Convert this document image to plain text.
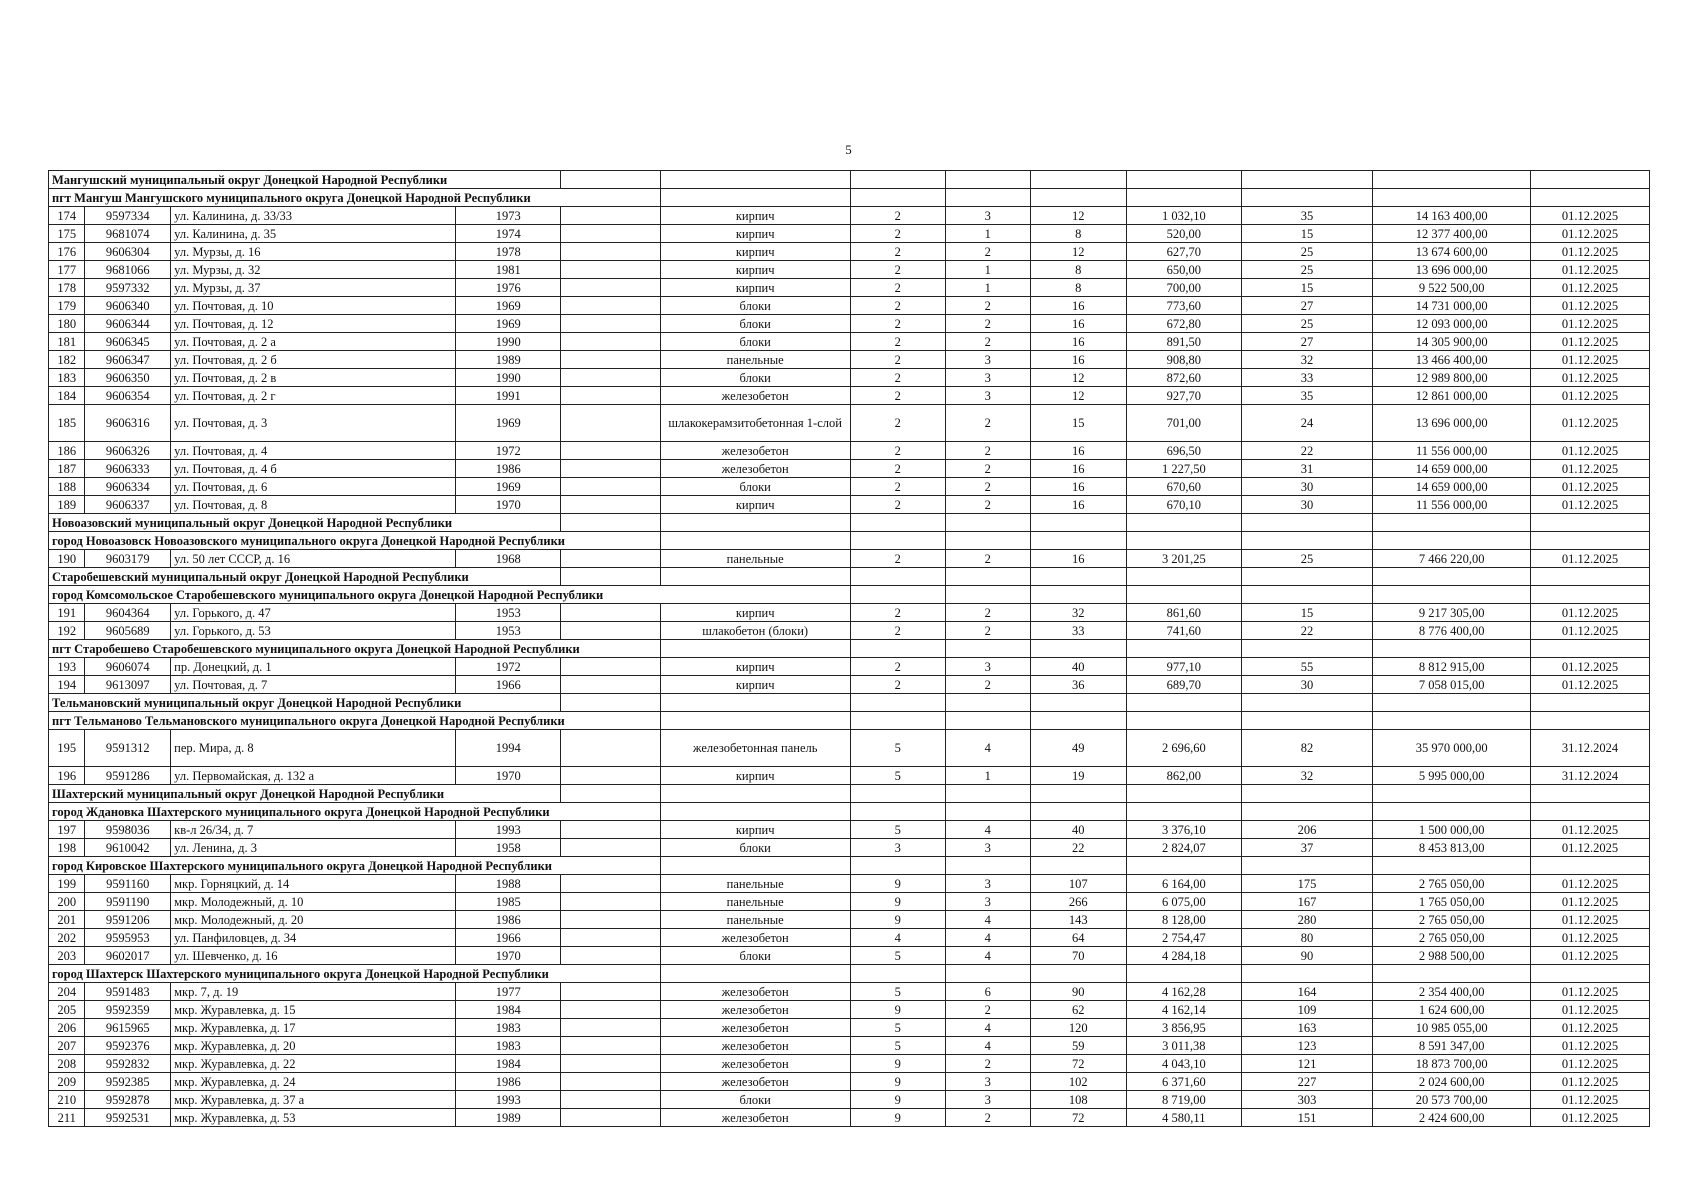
5
Мангушский муниципальный округ Донецкой Народной Республики												
пгт Мангуш Мангушского муниципального округа Донецкой Народной Республики												
174	9597334	ул. Калинина, д. 33/33	1973		кирпич	2	3	12	1 032,10	35	14 163 400,00	01.12.2025
175	9681074	ул. Калинина, д. 35	1974		кирпич	2	1	8	520,00	15	12 377 400,00	01.12.2025
176	9606304	ул. Мурзы, д. 16	1978		кирпич	2	2	12	627,70	25	13 674 600,00	01.12.2025
177	9681066	ул. Мурзы, д. 32	1981		кирпич	2	1	8	650,00	25	13 696 000,00	01.12.2025
178	9597332	ул. Мурзы, д. 37	1976		кирпич	2	1	8	700,00	15	9 522 500,00	01.12.2025
179	9606340	ул. Почтовая, д. 10	1969		блоки	2	2	16	773,60	27	14 731 000,00	01.12.2025
180	9606344	ул. Почтовая, д. 12	1969		блоки	2	2	16	672,80	25	12 093 000,00	01.12.2025
181	9606345	ул. Почтовая, д. 2 а	1990		блоки	2	2	16	891,50	27	14 305 900,00	01.12.2025
182	9606347	ул. Почтовая, д. 2 б	1989		панельные	2	3	16	908,80	32	13 466 400,00	01.12.2025
183	9606350	ул. Почтовая, д. 2 в	1990		блоки	2	3	12	872,60	33	12 989 800,00	01.12.2025
184	9606354	ул. Почтовая, д. 2 г	1991		железобетон	2	3	12	927,70	35	12 861 000,00	01.12.2025
185	9606316	ул. Почтовая, д. 3	1969		шлакокерамзитобетонная 1-слой	2	2	15	701,00	24	13 696 000,00	01.12.2025
186	9606326	ул. Почтовая, д. 4	1972		железобетон	2	2	16	696,50	22	11 556 000,00	01.12.2025
187	9606333	ул. Почтовая, д. 4 б	1986		железобетон	2	2	16	1 227,50	31	14 659 000,00	01.12.2025
188	9606334	ул. Почтовая, д. 6	1969		блоки	2	2	16	670,60	30	14 659 000,00	01.12.2025
189	9606337	ул. Почтовая, д. 8	1970		кирпич	2	2	16	670,10	30	11 556 000,00	01.12.2025
Новоазовский муниципальный округ Донецкой Народной Республики												
город Новоазовск Новоазовского муниципального округа Донецкой Народной Республики												
190	9603179	ул. 50 лет СССР, д. 16	1968		панельные	2	2	16	3 201,25	25	7 466 220,00	01.12.2025
Старобешевский муниципальный округ Донецкой Народной Республики												
город Комсомольское Старобешевского муниципального округа Донецкой Народной Республики												
191	9604364	ул. Горького, д. 47	1953		кирпич	2	2	32	861,60	15	9 217 305,00	01.12.2025
192	9605689	ул. Горького, д. 53	1953		шлакобетон (блоки)	2	2	33	741,60	22	8 776 400,00	01.12.2025
пгт Старобешево Старобешевского муниципального округа Донецкой Народной Республики												
193	9606074	пр. Донецкий, д. 1	1972		кирпич	2	3	40	977,10	55	8 812 915,00	01.12.2025
194	9613097	ул. Почтовая, д. 7	1966		кирпич	2	2	36	689,70	30	7 058 015,00	01.12.2025
Тельмановский муниципальный округ Донецкой Народной Республики												
пгт Тельманово Тельмановского муниципального округа Донецкой Народной Республики												
195	9591312	пер. Мира, д. 8	1994		железобетонная панель	5	4	49	2 696,60	82	35 970 000,00	31.12.2024
196	9591286	ул. Первомайская, д. 132 а	1970		кирпич	5	1	19	862,00	32	5 995 000,00	31.12.2024
Шахтерский муниципальный округ Донецкой Народной Республики												
город Ждановка Шахтерского муниципального округа Донецкой Народной Республики												
197	9598036	кв-л 26/34, д. 7	1993		кирпич	5	4	40	3 376,10	206	1 500 000,00	01.12.2025
198	9610042	ул. Ленина, д. 3	1958		блоки	3	3	22	2 824,07	37	8 453 813,00	01.12.2025
город Кировское Шахтерского муниципального округа Донецкой Народной Республики												
199	9591160	мкр. Горняцкий, д. 14	1988		панельные	9	3	107	6 164,00	175	2 765 050,00	01.12.2025
200	9591190	мкр. Молодежный, д. 10	1985		панельные	9	3	266	6 075,00	167	1 765 050,00	01.12.2025
201	9591206	мкр. Молодежный, д. 20	1986		панельные	9	4	143	8 128,00	280	2 765 050,00	01.12.2025
202	9595953	ул. Панфиловцев, д. 34	1966		железобетон	4	4	64	2 754,47	80	2 765 050,00	01.12.2025
203	9602017	ул. Шевченко, д. 16	1970		блоки	5	4	70	4 284,18	90	2 988 500,00	01.12.2025
город Шахтерск Шахтерского муниципального округа Донецкой Народной Республики												
204	9591483	мкр. 7, д. 19	1977		железобетон	5	6	90	4 162,28	164	2 354 400,00	01.12.2025
205	9592359	мкр. Журавлевка, д. 15	1984		железобетон	9	2	62	4 162,14	109	1 624 600,00	01.12.2025
206	9615965	мкр. Журавлевка, д. 17	1983		железобетон	5	4	120	3 856,95	163	10 985 055,00	01.12.2025
207	9592376	мкр. Журавлевка, д. 20	1983		железобетон	5	4	59	3 011,38	123	8 591 347,00	01.12.2025
208	9592832	мкр. Журавлевка, д. 22	1984		железобетон	9	2	72	4 043,10	121	18 873 700,00	01.12.2025
209	9592385	мкр. Журавлевка, д. 24	1986		железобетон	9	3	102	6 371,60	227	2 024 600,00	01.12.2025
210	9592878	мкр. Журавлевка, д. 37 а	1993		блоки	9	3	108	8 719,00	303	20 573 700,00	01.12.2025
211	9592531	мкр. Журавлевка, д. 53	1989		железобетон	9	2	72	4 580,11	151	2 424 600,00	01.12.2025
